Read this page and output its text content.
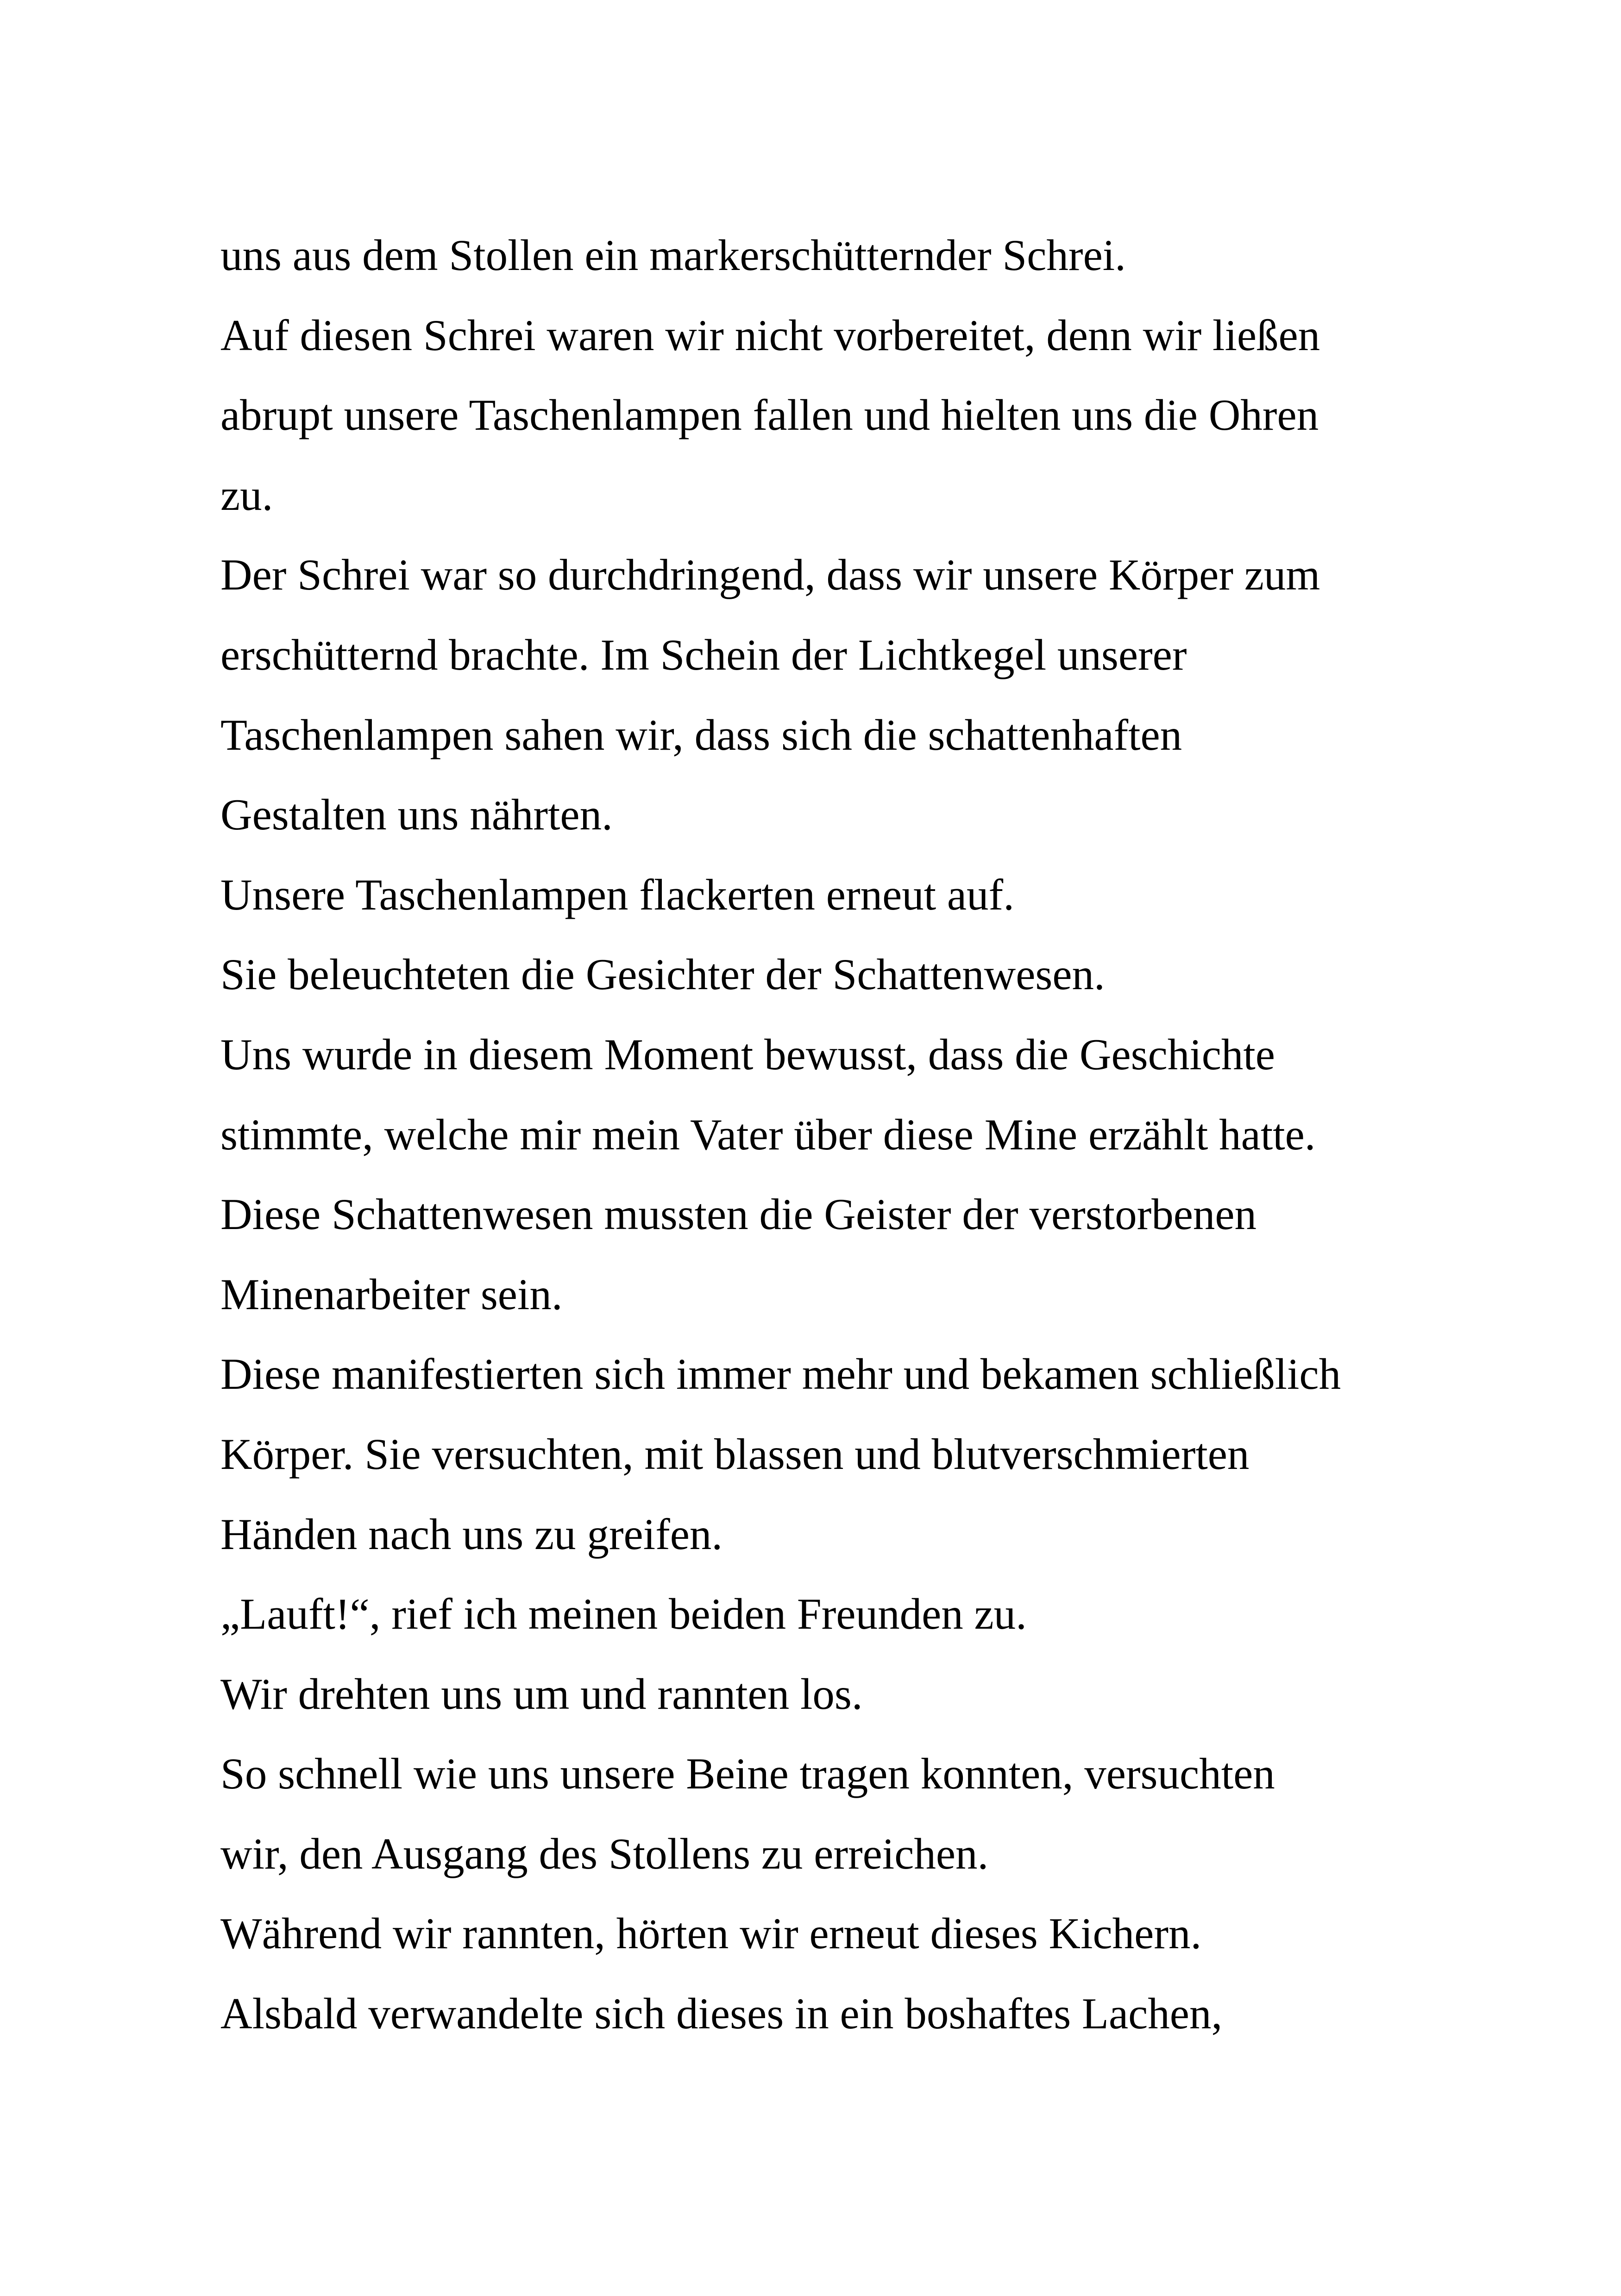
uns aus dem Stollen ein markerschütternder Schrei.
Auf diesen Schrei waren wir nicht vorbereitet, denn wir ließen
abrupt unsere Taschenlampen fallen und hielten uns die Ohren
zu.
Der Schrei war so durchdringend, dass wir unsere Körper zum
erschütternd brachte. Im Schein der Lichtkegel unserer
Taschenlampen sahen wir, dass sich die schattenhaften
Gestalten uns nährten.
Unsere Taschenlampen flackerten erneut auf.
Sie beleuchteten die Gesichter der Schattenwesen.
Uns wurde in diesem Moment bewusst, dass die Geschichte
stimmte, welche mir mein Vater über diese Mine erzählt hatte.
Diese Schattenwesen mussten die Geister der verstorbenen
Minenarbeiter sein.
Diese manifestierten sich immer mehr und bekamen schließlich
Körper. Sie versuchten, mit blassen und blutverschmierten
Händen nach uns zu greifen.
„Lauft!“, rief ich meinen beiden Freunden zu.
Wir drehten uns um und rannten los.
So schnell wie uns unsere Beine tragen konnten, versuchten
wir, den Ausgang des Stollens zu erreichen.
Während wir rannten, hörten wir erneut dieses Kichern.
Alsbald verwandelte sich dieses in ein boshaftes Lachen,
